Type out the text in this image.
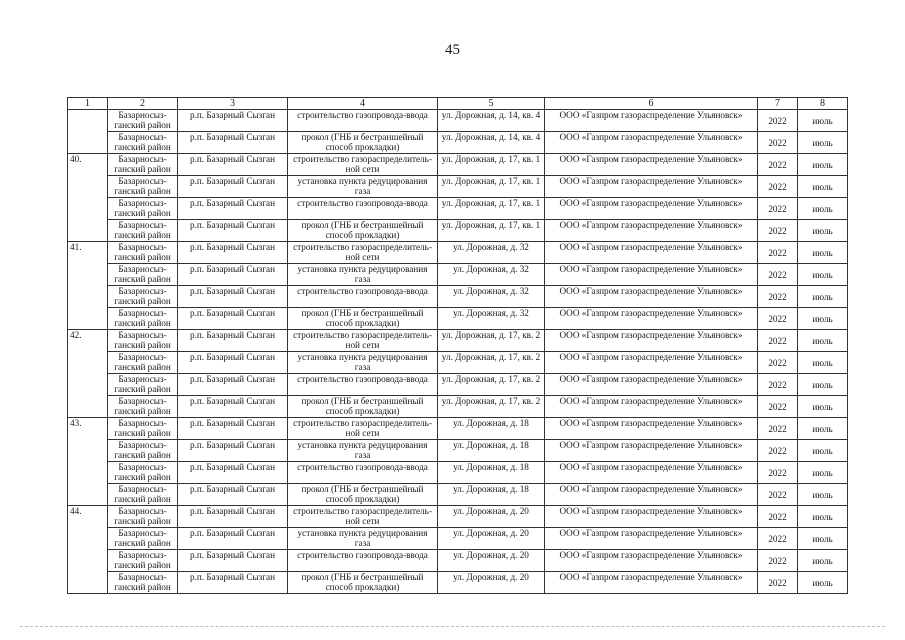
45
1	2	3	4	5	6	7	8
	Базарносыз-ганский район	р.п. Базарный Сызган	строительство газопровода-ввода	ул. Дорожная, д. 14, кв. 4	ООО «Газпром газораспределение Ульяновск»	2022	июль
	Базарносыз-ганский район	р.п. Базарный Сызган	прокол (ГНБ и бестраншейный способ прокладки)	ул. Дорожная, д. 14, кв. 4	ООО «Газпром газораспределение Ульяновск»	2022	июль
40.	Базарносыз-ганский район	р.п. Базарный Сызган	строительство газораспределитель-ной сети	ул. Дорожная, д. 17, кв. 1	ООО «Газпром газораспределение Ульяновск»	2022	июль
	Базарносыз-ганский район	р.п. Базарный Сызган	установка пункта редуцирования газа	ул. Дорожная, д. 17, кв. 1	ООО «Газпром газораспределение Ульяновск»	2022	июль
	Базарносыз-ганский район	р.п. Базарный Сызган	строительство газопровода-ввода	ул. Дорожная, д. 17, кв. 1	ООО «Газпром газораспределение Ульяновск»	2022	июль
	Базарносыз-ганский район	р.п. Базарный Сызган	прокол (ГНБ и бестраншейный способ прокладки)	ул. Дорожная, д. 17, кв. 1	ООО «Газпром газораспределение Ульяновск»	2022	июль
41.	Базарносыз-ганский район	р.п. Базарный Сызган	строительство газораспределитель-ной сети	ул. Дорожная, д. 32	ООО «Газпром газораспределение Ульяновск»	2022	июль
	Базарносыз-ганский район	р.п. Базарный Сызган	установка пункта редуцирования газа	ул. Дорожная, д. 32	ООО «Газпром газораспределение Ульяновск»	2022	июль
	Базарносыз-ганский район	р.п. Базарный Сызган	строительство газопровода-ввода	ул. Дорожная, д. 32	ООО «Газпром газораспределение Ульяновск»	2022	июль
	Базарносыз-ганский район	р.п. Базарный Сызган	прокол (ГНБ и бестраншейный способ прокладки)	ул. Дорожная, д. 32	ООО «Газпром газораспределение Ульяновск»	2022	июль
42.	Базарносыз-ганский район	р.п. Базарный Сызган	строительство газораспределитель-ной сети	ул. Дорожная, д. 17, кв. 2	ООО «Газпром газораспределение Ульяновск»	2022	июль
	Базарносыз-ганский район	р.п. Базарный Сызган	установка пункта редуцирования газа	ул. Дорожная, д. 17, кв. 2	ООО «Газпром газораспределение Ульяновск»	2022	июль
	Базарносыз-ганский район	р.п. Базарный Сызган	строительство газопровода-ввода	ул. Дорожная, д. 17, кв. 2	ООО «Газпром газораспределение Ульяновск»	2022	июль
	Базарносыз-ганский район	р.п. Базарный Сызган	прокол (ГНБ и бестраншейный способ прокладки)	ул. Дорожная, д. 17, кв. 2	ООО «Газпром газораспределение Ульяновск»	2022	июль
43.	Базарносыз-ганский район	р.п. Базарный Сызган	строительство газораспределитель-ной сети	ул. Дорожная, д. 18	ООО «Газпром газораспределение Ульяновск»	2022	июль
	Базарносыз-ганский район	р.п. Базарный Сызган	установка пункта редуцирования газа	ул. Дорожная, д. 18	ООО «Газпром газораспределение Ульяновск»	2022	июль
	Базарносыз-ганский район	р.п. Базарный Сызган	строительство газопровода-ввода	ул. Дорожная, д. 18	ООО «Газпром газораспределение Ульяновск»	2022	июль
	Базарносыз-ганский район	р.п. Базарный Сызган	прокол (ГНБ и бестраншейный способ прокладки)	ул. Дорожная, д. 18	ООО «Газпром газораспределение Ульяновск»	2022	июль
44.	Базарносыз-ганский район	р.п. Базарный Сызган	строительство газораспределитель-ной сети	ул. Дорожная, д. 20	ООО «Газпром газораспределение Ульяновск»	2022	июль
	Базарносыз-ганский район	р.п. Базарный Сызган	установка пункта редуцирования газа	ул. Дорожная, д. 20	ООО «Газпром газораспределение Ульяновск»	2022	июль
	Базарносыз-ганский район	р.п. Базарный Сызган	строительство газопровода-ввода	ул. Дорожная, д. 20	ООО «Газпром газораспределение Ульяновск»	2022	июль
	Базарносыз-ганский район	р.п. Базарный Сызган	прокол (ГНБ и бестраншейный способ прокладки)	ул. Дорожная, д. 20	ООО «Газпром газораспределение Ульяновск»	2022	июль
